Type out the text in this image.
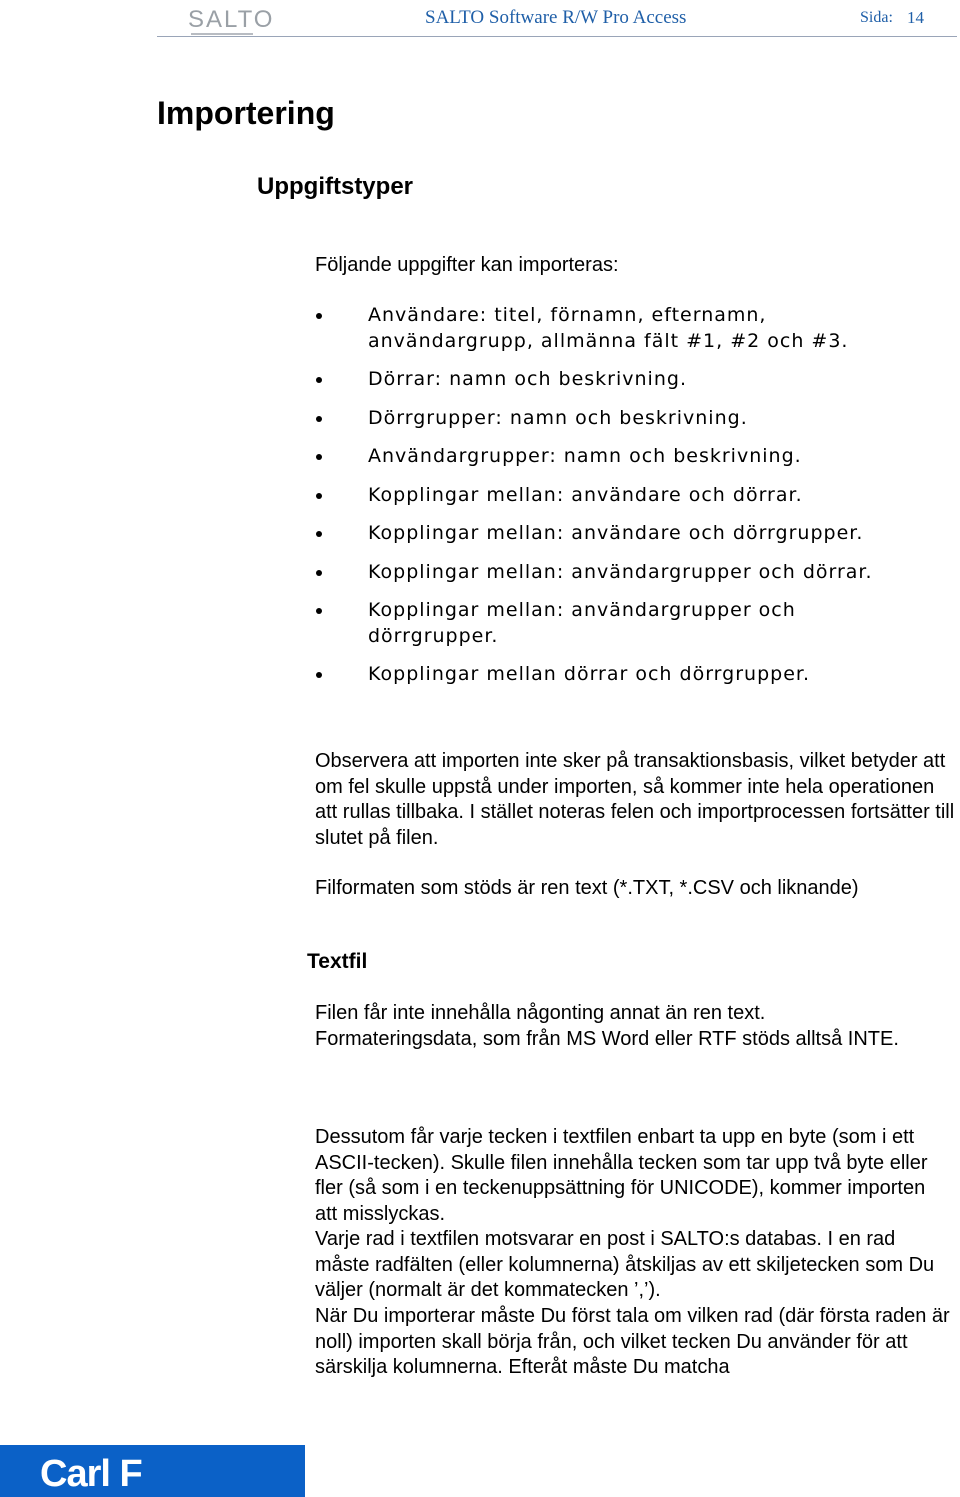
SALTO	SALTO Software R/W Pro Access	Sida: 14
Importering
Uppgiftstyper
Följande uppgifter kan importeras:
Användare: titel, förnamn, efternamn, användargrupp, allmänna fält #1, #2 och #3.
Dörrar: namn och beskrivning.
Dörrgrupper: namn och beskrivning.
Användargrupper: namn och beskrivning.
Kopplingar mellan: användare och dörrar.
Kopplingar mellan: användare och dörrgrupper.
Kopplingar mellan: användargrupper och dörrar.
Kopplingar mellan: användargrupper och dörrgrupper.
Kopplingar mellan dörrar och dörrgrupper.
Observera att importen inte sker på transaktionsbasis, vilket betyder att om fel skulle uppstå under importen, så kommer inte hela operationen att rullas tillbaka. I stället noteras felen och importprocessen fortsätter till slutet på filen.
Filformaten som stöds är ren text (*.TXT, *.CSV och liknande)
Textfil
Filen får inte innehålla någonting annat än ren text. Formateringsdata, som från MS Word eller RTF stöds alltså INTE.
Dessutom får varje tecken i textfilen enbart ta upp en byte (som i ett ASCII-tecken). Skulle filen innehålla tecken som tar upp två byte eller fler (så som i en teckenuppsättning för UNICODE), kommer importen att misslyckas.
Varje rad i textfilen motsvarar en post i SALTO:s databas. I en rad måste radfälten (eller kolumnerna) åtskiljas av ett skiljetecken som Du väljer (normalt är det kommatecken ’,’).
När Du importerar måste Du först tala om vilken rad (där första raden är noll) importen skall börja från, och vilket tecken Du använder för att särskilja kolumnerna. Efteråt måste Du matcha
Carl F
